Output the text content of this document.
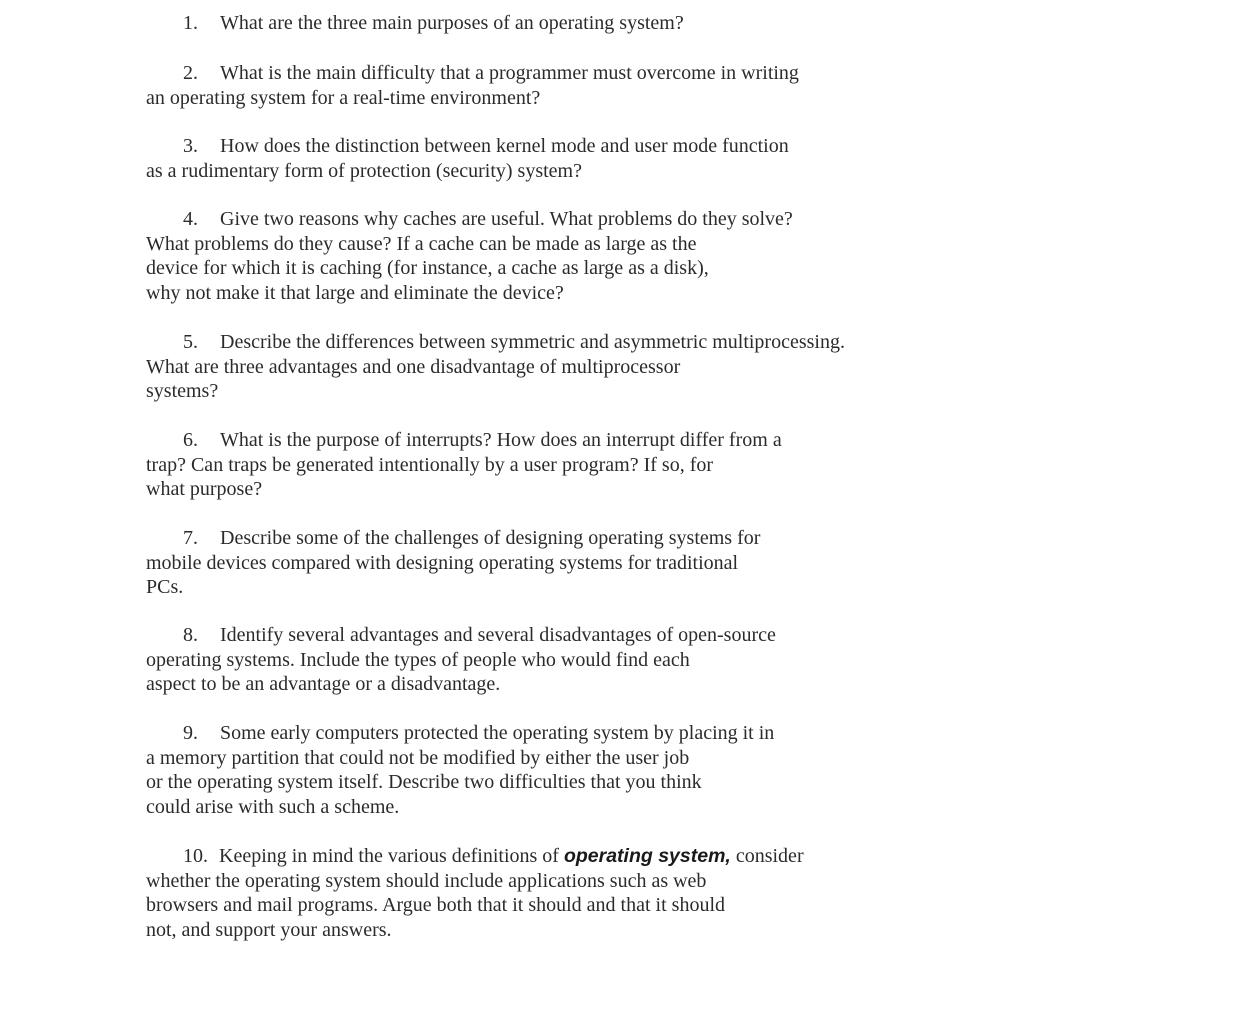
1. What are the three main purposes of an operating system?

2. What is the main difficulty that a programmer must overcome in writing
an operating system for a real-time environment?

3. How does the distinction between kernel mode and user mode function
as a rudimentary form of protection (security) system?

4. Give two reasons why caches are useful. What problems do they solve?
What problems do they cause? If a cache can be made as large as the
device for which it is caching (for instance, a cache as large as a disk),
why not make it that large and eliminate the device?

5. Describe the differences between symmetric and asymmetric multiprocessing.
What are three advantages and one disadvantage of multiprocessor
systems?

6. What is the purpose of interrupts? How does an interrupt differ from a
trap? Can traps be generated intentionally by a user program? If so, for
what purpose?

7. Describe some of the challenges of designing operating systems for
mobile devices compared with designing operating systems for traditional
PCs.

8. Identify several advantages and several disadvantages of open-source
operating systems. Include the types of people who would find each
aspect to be an advantage or a disadvantage.

9. Some early computers protected the operating system by placing it in
a memory partition that could not be modified by either the user job
or the operating system itself. Describe two difficulties that you think
could arise with such a scheme.

10. Keeping in mind the various definitions of operating system, consider
whether the operating system should include applications such as web
browsers and mail programs. Argue both that it should and that it should
not, and support your answers.
